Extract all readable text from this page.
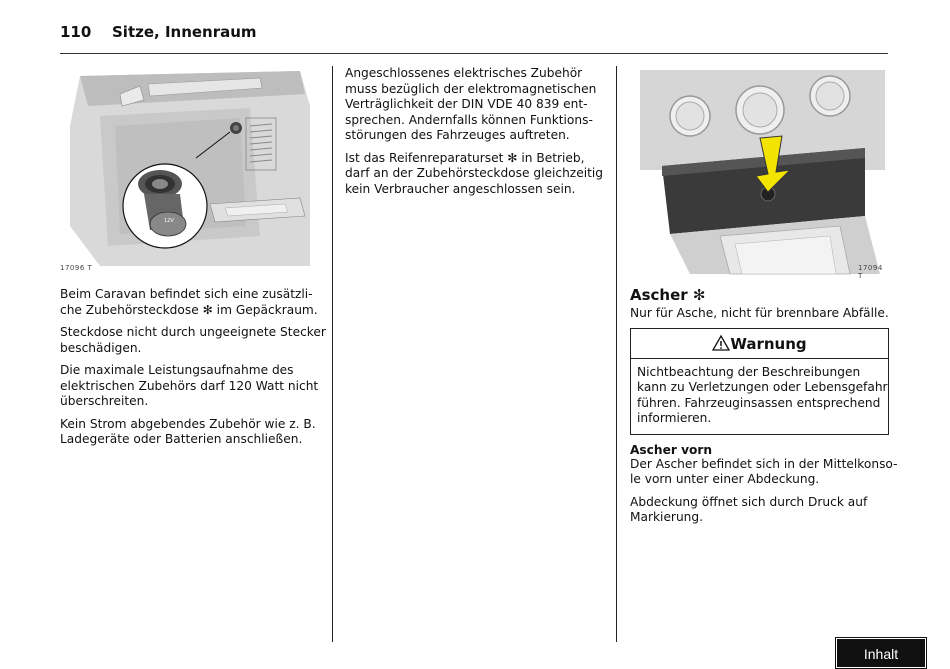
110 Sitze, Innenraum
12V
17096 T	17094 T

Beim Caravan befindet sich eine zusätzli-
che Zubehörsteckdose ✻ im Gepäckraum.

Steckdose nicht durch ungeeignete Stecker
beschädigen.

Die maximale Leistungsaufnahme des
elektrischen Zubehörs darf 120 Watt nicht
überschreiten.

Kein Strom abgebendes Zubehör wie z. B.
Ladegeräte oder Batterien anschließen.

Angeschlossenes elektrisches Zubehör
muss bezüglich der elektromagnetischen
Verträglichkeit der DIN VDE 40 839 ent-
sprechen. Andernfalls können Funktions-
störungen des Fahrzeuges auftreten.

Ist das Reifenreparaturset ✻ in Betrieb,
darf an der Zubehörsteckdose gleichzeitig
kein Verbraucher angeschlossen sein.

Ascher ✻
Nur für Asche, nicht für brennbare Abfälle.
Warnung

Nichtbeachtung der Beschreibungen
kann zu Verletzungen oder Lebensgefahr
führen. Fahrzeuginsassen entsprechend
informieren.

Ascher vorn

Der Ascher befindet sich in der Mittelkonso-
le vorn unter einer Abdeckung.

Abdeckung öffnet sich durch Druck auf
Markierung.

Inhalt
